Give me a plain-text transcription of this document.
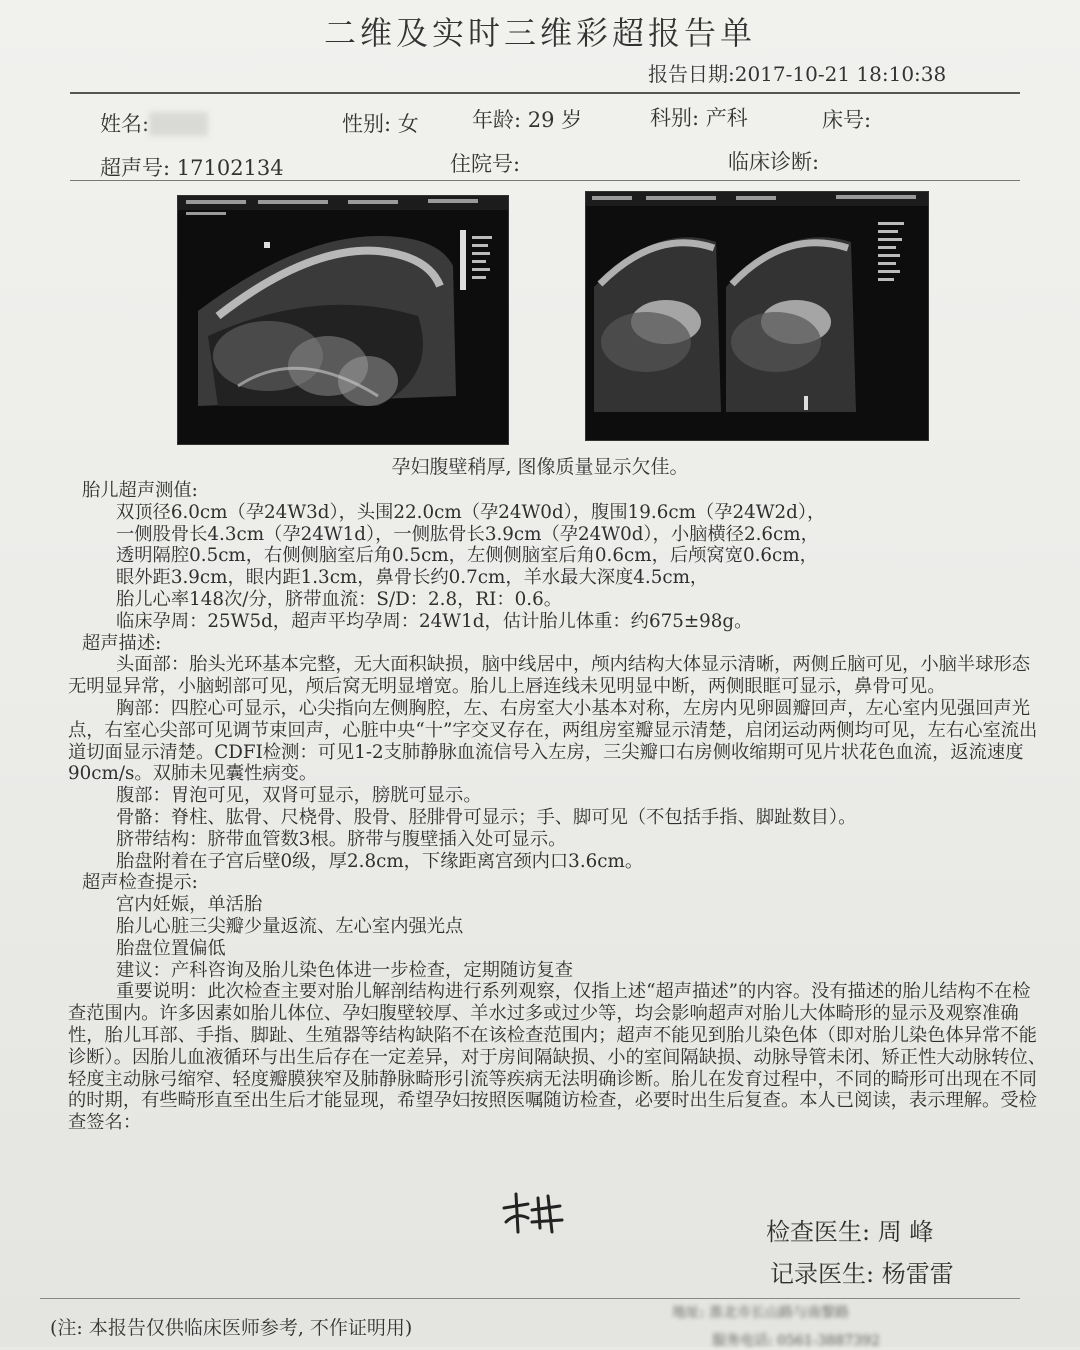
二维及实时三维彩超报告单
报告日期:2017-10-21 18:10:38
姓名:	性别: 女	年龄: 29 岁	科别: 产科	床号:
超声号: 17102134	住院号:	临床诊断:
孕妇腹壁稍厚, 图像质量显示欠佳。

胎儿超声测值:

双顶径6.0cm（孕24W3d），头围22.0cm（孕24W0d），腹围19.6cm（孕24W2d），

一侧股骨长4.3cm（孕24W1d），一侧肱骨长3.9cm（孕24W0d），小脑横径2.6cm，

透明隔腔0.5cm，右侧侧脑室后角0.5cm，左侧侧脑室后角0.6cm，后颅窝宽0.6cm，

眼外距3.9cm，眼内距1.3cm，鼻骨长约0.7cm，羊水最大深度4.5cm，

胎儿心率148次/分，脐带血流：S/D：2.8，RI：0.6。

临床孕周：25W5d，超声平均孕周：24W1d，估计胎儿体重：约675±98g。

超声描述:

头面部：胎头光环基本完整，无大面积缺损，脑中线居中，颅内结构大体显示清晰，两侧丘脑可见，小脑半球形态无明显异常，小脑蚓部可见，颅后窝无明显增宽。胎儿上唇连线未见明显中断，两侧眼眶可显示，鼻骨可见。

胸部：四腔心可显示，心尖指向左侧胸腔，左、右房室大小基本对称，左房内见卵圆瓣回声，左心室内见强回声光点，右室心尖部可见调节束回声，心脏中央“十”字交叉存在，两组房室瓣显示清楚，启闭运动两侧均可见，左右心室流出道切面显示清楚。CDFI检测：可见1-2支肺静脉血流信号入左房，三尖瓣口右房侧收缩期可见片状花色血流，返流速度90cm/s。双肺未见囊性病变。

腹部：胃泡可见，双肾可显示，膀胱可显示。

骨骼：脊柱、肱骨、尺桡骨、股骨、胫腓骨可显示；手、脚可见（不包括手指、脚趾数目）。

脐带结构：脐带血管数3根。脐带与腹壁插入处可显示。

胎盘附着在子宫后壁0级，厚2.8cm，下缘距离宫颈内口3.6cm。

超声检查提示:

宫内妊娠，单活胎

胎儿心脏三尖瓣少量返流、左心室内强光点

胎盘位置偏低

建议：产科咨询及胎儿染色体进一步检查，定期随访复查

重要说明：此次检查主要对胎儿解剖结构进行系列观察，仅指上述“超声描述”的内容。没有描述的胎儿结构不在检查范围内。许多因素如胎儿体位、孕妇腹壁较厚、羊水过多或过少等，均会影响超声对胎儿大体畸形的显示及观察准确性，胎儿耳部、手指、脚趾、生殖器等结构缺陷不在该检查范围内；超声不能见到胎儿染色体（即对胎儿染色体异常不能诊断）。因胎儿血液循环与出生后存在一定差异，对于房间隔缺损、小的室间隔缺损、动脉导管未闭、矫正性大动脉转位、轻度主动脉弓缩窄、轻度瓣膜狭窄及肺静脉畸形引流等疾病无法明确诊断。胎儿在发育过程中，不同的畸形可出现在不同的时期，有些畸形直至出生后才能显现，希望孕妇按照医嘱随访检查，必要时出生后复查。本人已阅读，表示理解。受检查签名：

检查医生: 周 峰
记录医生: 杨雷雷
(注: 本报告仅供临床医师参考, 不作证明用)
地址: 淮北市长山路与南黎路
服务电话: 0561-3887392
